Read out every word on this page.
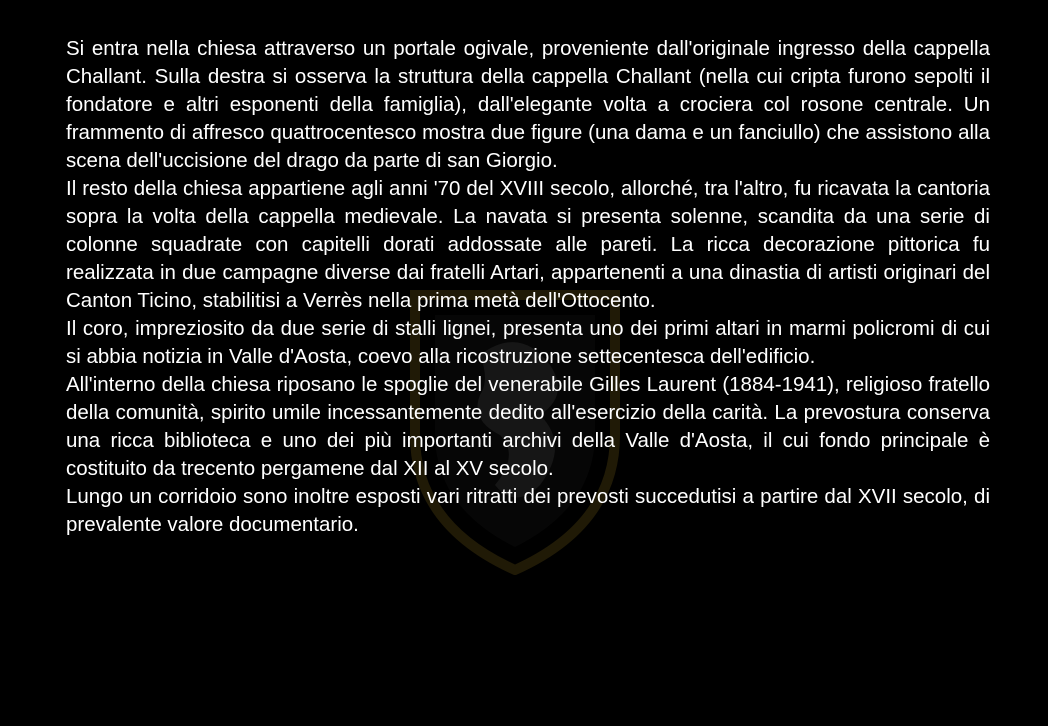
Si entra nella chiesa attraverso un portale ogivale, proveniente dall'originale ingresso della cappella Challant. Sulla destra si osserva la struttura della cappella Challant (nella cui cripta furono sepolti il fondatore e altri esponenti della famiglia), dall'elegante volta a crociera col rosone centrale. Un frammento di affresco quattrocentesco mostra due figure (una dama e un fanciullo) che assistono alla scena dell'uccisione del drago da parte di san Giorgio.

Il resto della chiesa appartiene agli anni '70 del XVIII secolo, allorché, tra l'altro, fu ricavata la cantoria sopra la volta della cappella medievale. La navata si presenta solenne, scandita da una serie di colonne squadrate con capitelli dorati addossate alle pareti. La ricca decorazione pittorica fu realizzata in due campagne diverse dai fratelli Artari, appartenenti a una dinastia di artisti originari del Canton Ticino, stabilitisi a Verrès nella prima metà dell'Ottocento.

Il coro, impreziosito da due serie di stalli lignei, presenta uno dei primi altari in marmi policromi di cui si abbia notizia in Valle d'Aosta, coevo alla ricostruzione settecentesca dell'edificio.

All'interno della chiesa riposano le spoglie del venerabile Gilles Laurent (1884-1941), religioso fratello della comunità, spirito umile incessantemente dedito all'esercizio della carità. La prevostura conserva una ricca biblioteca e uno dei più importanti archivi della Valle d'Aosta, il cui fondo principale è costituito da trecento pergamene dal XII al XV secolo.

Lungo un corridoio sono inoltre esposti vari ritratti dei prevosti succedutisi a partire dal XVII secolo, di prevalente valore documentario.
